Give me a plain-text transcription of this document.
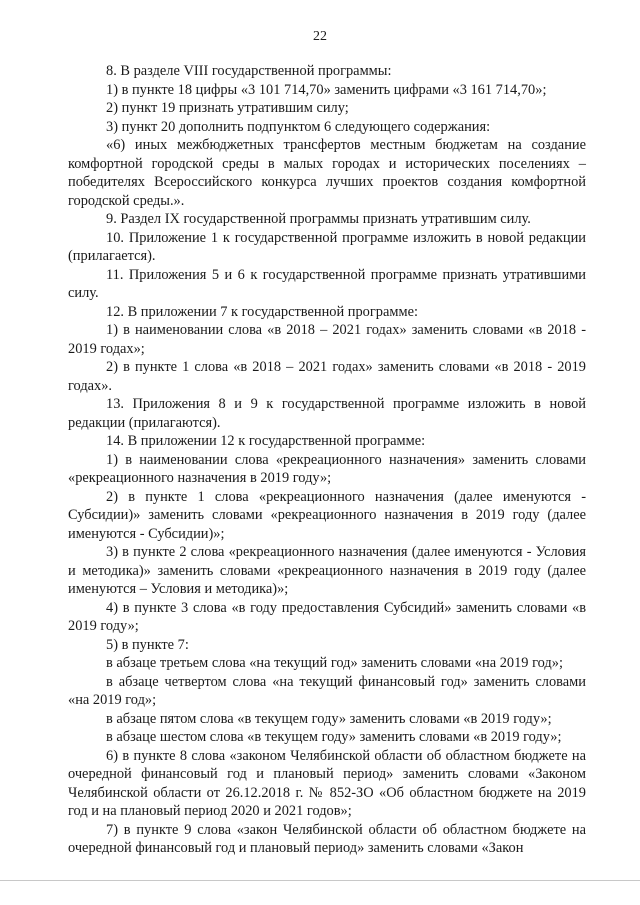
22

8. В разделе VIII государственной программы:

1) в пункте 18 цифры «3 101 714,70» заменить цифрами «3 161 714,70»;

2) пункт 19 признать утратившим силу;

3) пункт 20 дополнить подпунктом 6 следующего содержания:

«6) иных межбюджетных трансфертов местным бюджетам на создание комфортной городской среды в малых городах и исторических поселениях – победителях Всероссийского конкурса лучших проектов создания комфортной городской среды.».

9. Раздел IX государственной программы признать утратившим силу.

10. Приложение 1 к государственной программе изложить в новой редакции (прилагается).

11. Приложения 5 и 6 к государственной программе признать утратившими силу.

12. В приложении 7 к государственной программе:

1) в наименовании слова «в 2018 – 2021 годах» заменить словами «в 2018 - 2019 годах»;

2) в пункте 1 слова «в 2018 – 2021 годах» заменить словами «в 2018 - 2019 годах».

13. Приложения 8 и 9 к государственной программе изложить в новой редакции (прилагаются).

14. В приложении 12 к государственной программе:

1) в наименовании слова «рекреационного назначения» заменить словами «рекреационного назначения в 2019 году»;

2) в пункте 1 слова «рекреационного назначения (далее именуются - Субсидии)» заменить словами «рекреационного назначения в 2019 году (далее именуются - Субсидии)»;

3) в пункте 2 слова «рекреационного назначения (далее именуются - Условия и методика)» заменить словами «рекреационного назначения в 2019 году (далее именуются – Условия и методика)»;

4) в пункте 3 слова «в году предоставления Субсидий» заменить словами «в 2019 году»;

5) в пункте 7:

в абзаце третьем слова «на текущий год» заменить словами «на 2019 год»;

в абзаце четвертом слова «на текущий финансовый год» заменить словами «на 2019 год»;

в абзаце пятом слова «в текущем году» заменить словами «в 2019 году»;

в абзаце шестом слова «в текущем году» заменить словами «в 2019 году»;

6) в пункте 8 слова «законом Челябинской области об областном бюджете на очередной финансовый год и плановый период» заменить словами «Законом Челябинской области от 26.12.2018 г. № 852-ЗО «Об областном бюджете на 2019 год и на плановый период 2020 и 2021 годов»;

7) в пункте 9 слова «закон Челябинской области об областном бюджете на очередной финансовый год и плановый период» заменить словами «Закон
